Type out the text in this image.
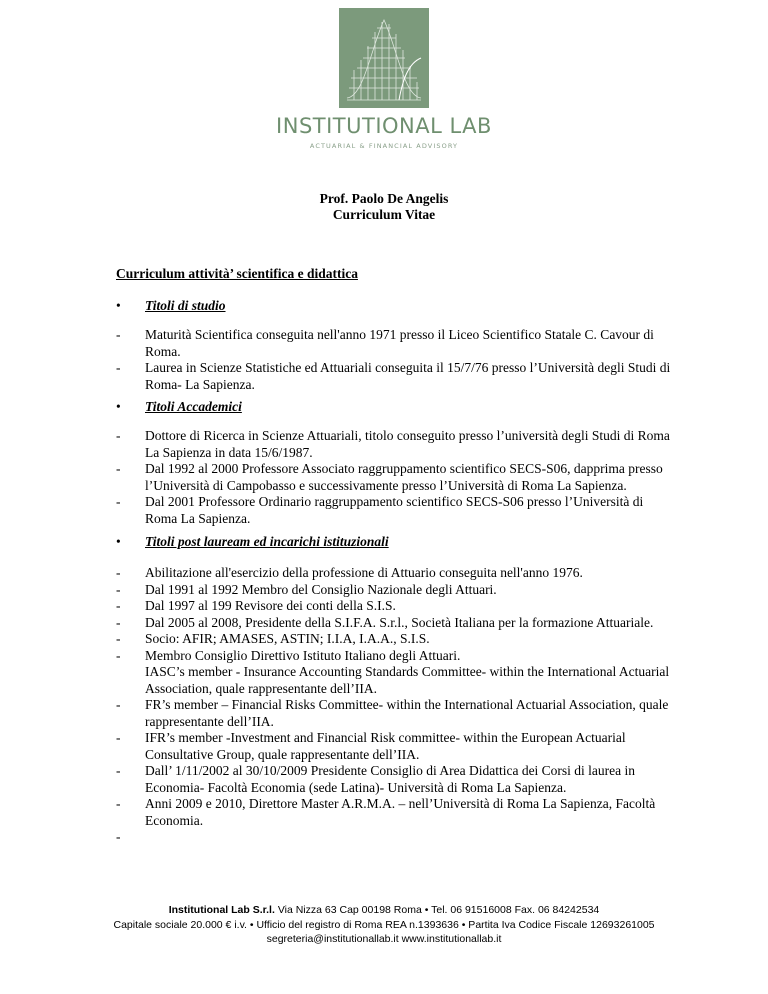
INSTITUTIONAL LAB
ACTUARIAL & FINANCIAL ADVISORY
Prof. Paolo De Angelis
Curriculum Vitae
Curriculum attività’ scientifica e didattica
• Titoli di studio
- Maturità Scientifica conseguita nell'anno 1971 presso il Liceo Scientifico Statale C. Cavour di Roma.
- Laurea in Scienze Statistiche ed Attuariali conseguita il 15/7/76 presso l’Università degli Studi di Roma- La Sapienza.
• Titoli Accademici
- Dottore di Ricerca in Scienze Attuariali, titolo conseguito presso l’università degli Studi di Roma La Sapienza in data 15/6/1987.
- Dal 1992 al 2000 Professore Associato raggruppamento scientifico SECS-S06, dapprima presso l’Università di Campobasso e successivamente presso l’Università di Roma La Sapienza.
- Dal 2001 Professore Ordinario raggruppamento scientifico SECS-S06 presso l’Università di Roma La Sapienza.
• Titoli post lauream ed incarichi istituzionali
- Abilitazione all'esercizio della professione di Attuario conseguita nell'anno 1976.
- Dal 1991 al 1992 Membro del Consiglio Nazionale degli Attuari.
- Dal 1997 al 199 Revisore dei conti della S.I.S.
- Dal 2005 al 2008, Presidente della S.I.F.A. S.r.l., Società Italiana per la formazione Attuariale.
- Socio: AFIR; AMASES, ASTIN; I.I.A, I.A.A., S.I.S.
- Membro Consiglio Direttivo Istituto Italiano degli Attuari.
IASC’s member - Insurance Accounting Standards Committee- within the International Actuarial Association, quale rappresentante dell’IIA.
- FR’s member – Financial Risks Committee- within the International Actuarial Association, quale rappresentante dell’IIA.
- IFR’s member -Investment and Financial Risk committee- within the European Actuarial Consultative Group, quale rappresentante dell’IIA.
- Dall’ 1/11/2002 al 30/10/2009 Presidente Consiglio di Area Didattica dei Corsi di laurea in Economia- Facoltà Economia (sede Latina)- Università di Roma La Sapienza.
- Anni 2009 e 2010, Direttore Master A.R.M.A. – nell’Università di Roma La Sapienza, Facoltà Economia.
-
Institutional Lab S.r.l. Via Nizza 63 Cap 00198 Roma • Tel. 06 91516008 Fax. 06 84242534
Capitale sociale 20.000 € i.v. • Ufficio del registro di Roma REA n.1393636 • Partita Iva Codice Fiscale 12693261005
segreteria@institutionallab.it www.institutionallab.it
